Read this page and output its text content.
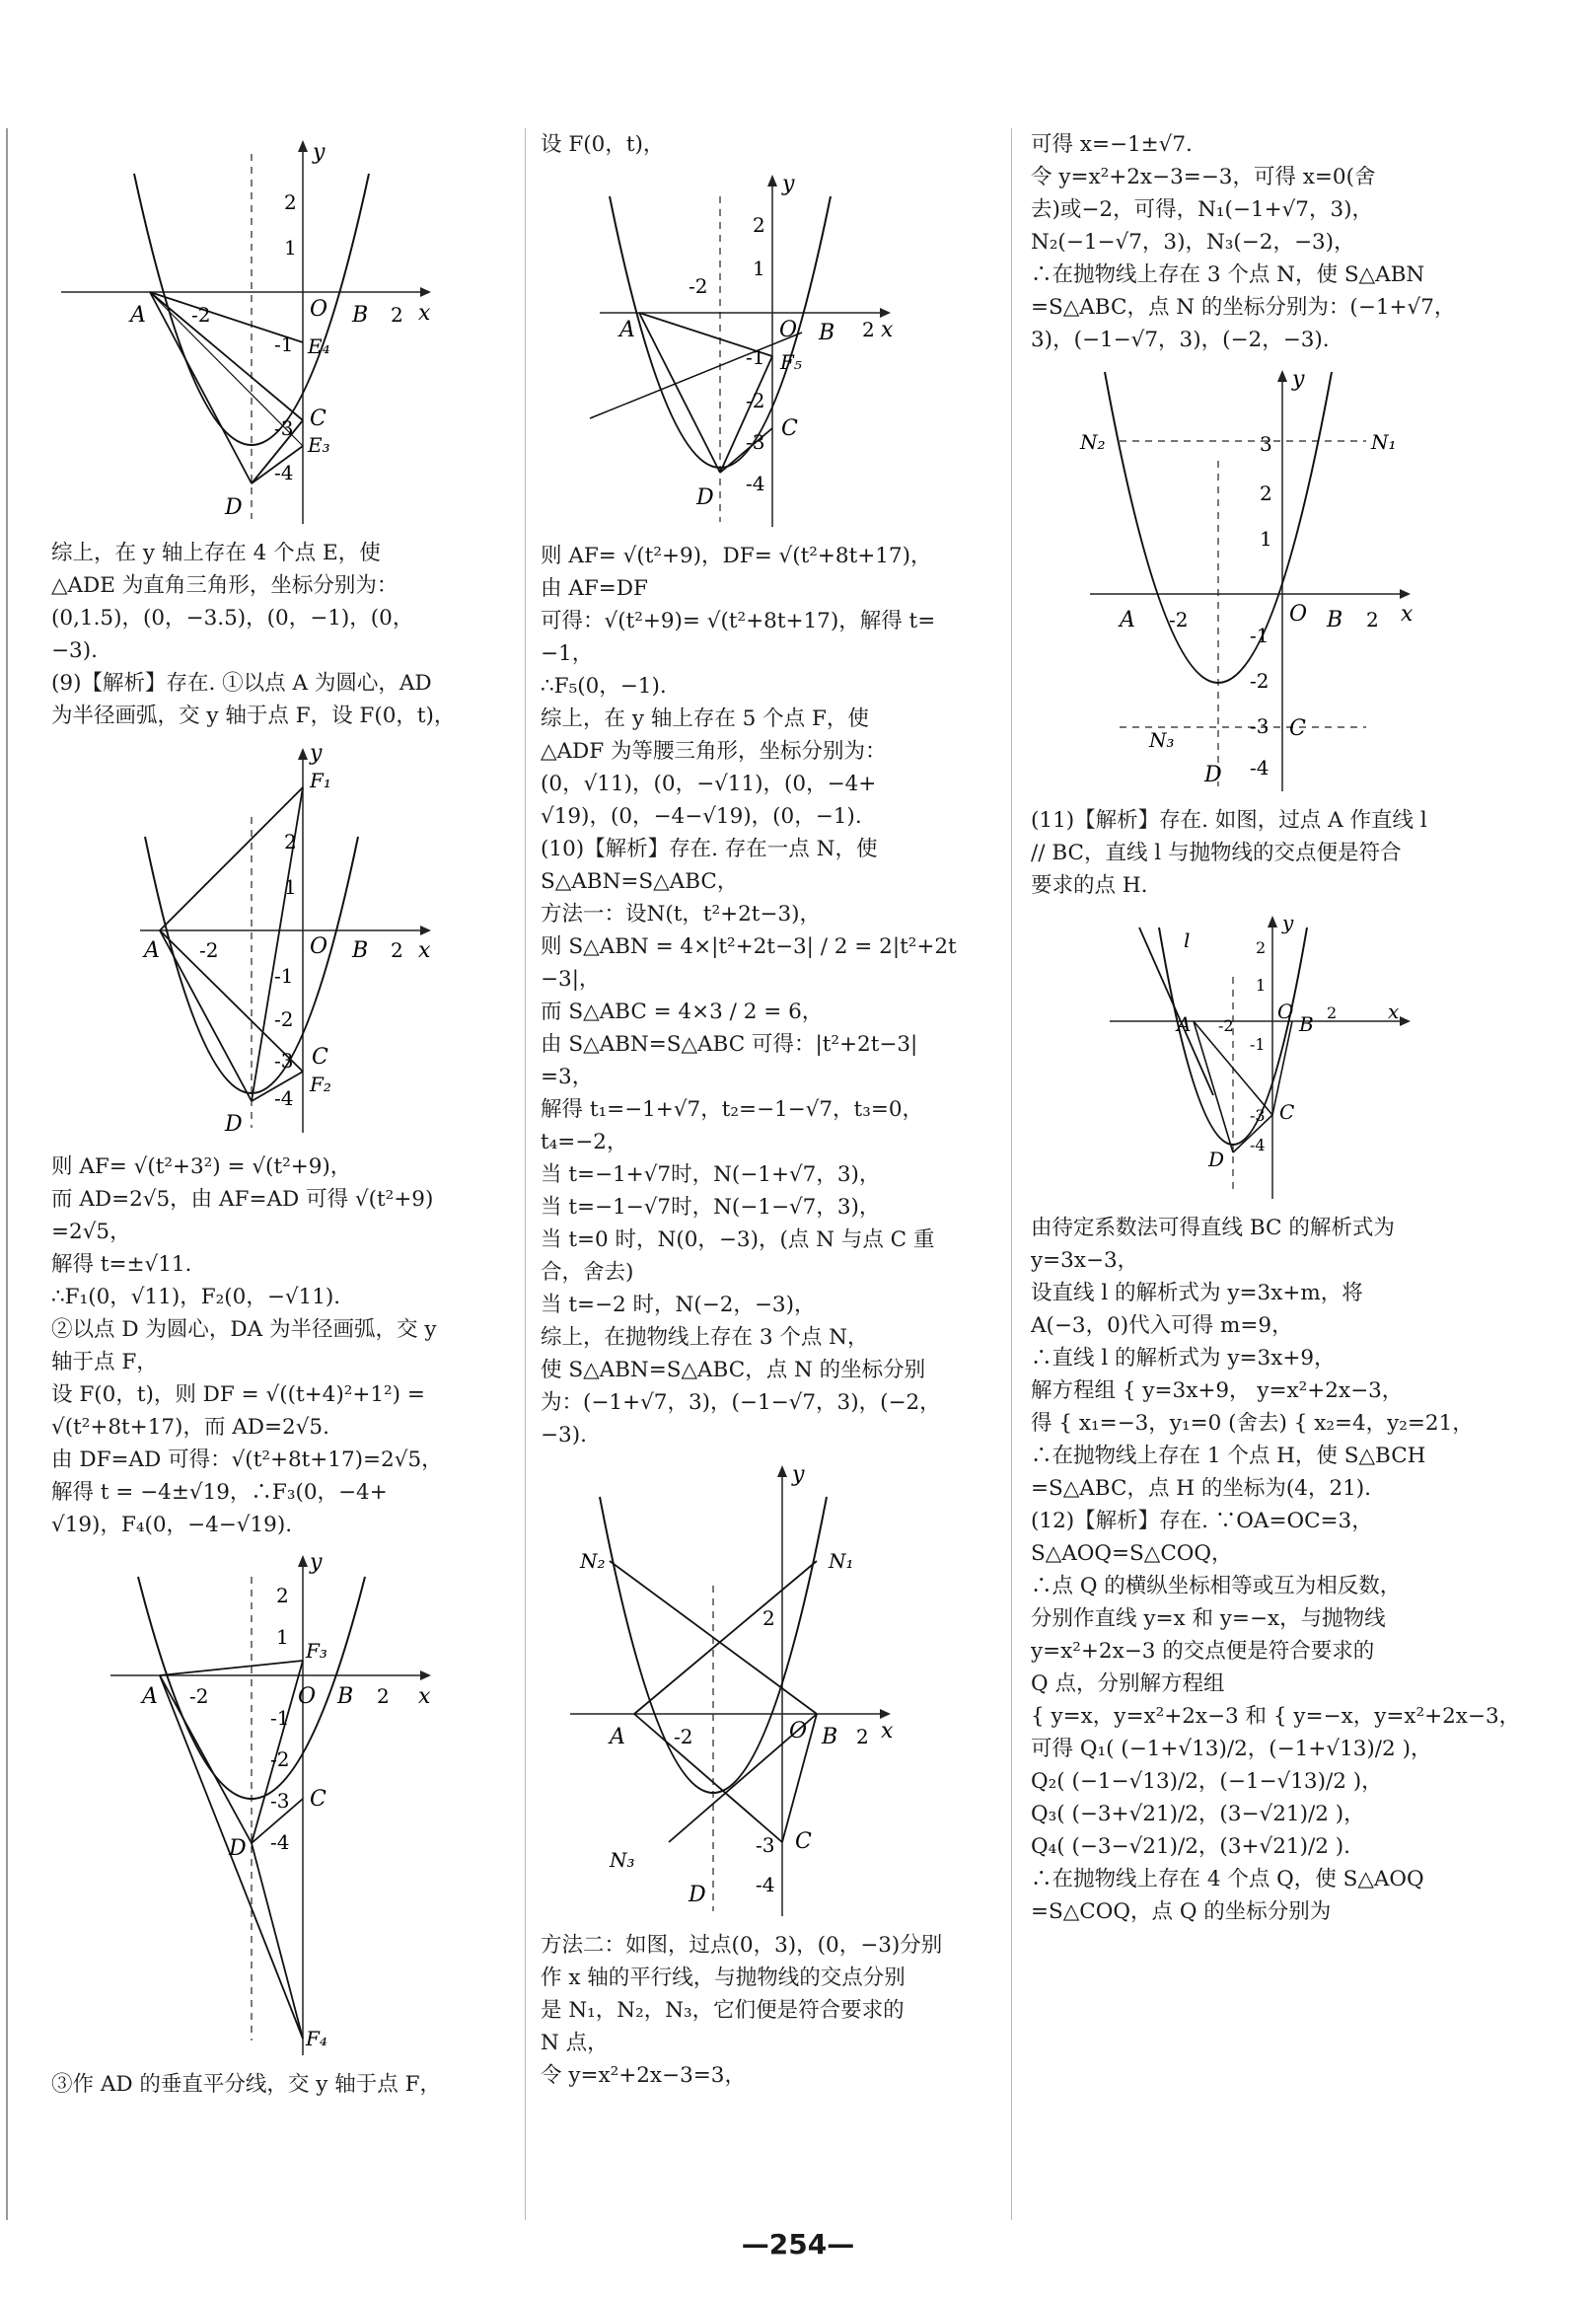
y
x
O
A	B
C
D
E₄
E₃
-2	2
1
2
-1
-3
-4
综上，在 y 轴上存在 4 个点 E，使
△ADE 为直角三角形，坐标分别为：
(0,1.5)，(0，−3.5)，(0，−1)，(0，
−3).
(9)【解析】存在. ①以点 A 为圆心，AD
为半径画弧，交 y 轴于点 F，设 F(0，t)，
y
x
O
A	B
C
D
F₁
F₂
-2	2
1
2
-1
-2
-3
-4
则 AF= √(t²+3²) = √(t²+9)，
而 AD=2√5，由 AF=AD 可得 √(t²+9)
=2√5，
解得 t=±√11.
∴F₁(0，√11)，F₂(0，−√11).
②以点 D 为圆心，DA 为半径画弧，交 y
轴于点 F，
设 F(0，t)，则 DF = √((t+4)²+1²) =
√(t²+8t+17)，而 AD=2√5.
由 DF=AD 可得：√(t²+8t+17)=2√5，
解得 t = −4±√19，∴F₃(0，−4+
√19)，F₄(0，−4−√19).
y
x
O
A	B
C
D
F₃
F₄
-2	2
1
2
-1
-2
-3
-4
③作 AD 的垂直平分线，交 y 轴于点 F，
设 F(0，t)，
y
x
O
A	B
C
D
F₅
-2
2
1
2
-1
-2
-3
-4
则 AF= √(t²+9)，DF= √(t²+8t+17)，
由 AF=DF
可得：√(t²+9)= √(t²+8t+17)，解得 t=
−1，
∴F₅(0，−1).
综上，在 y 轴上存在 5 个点 F，使
△ADF 为等腰三角形，坐标分别为：
(0，√11)，(0，−√11)，(0，−4+
√19)，(0，−4−√19)，(0，−1).
(10)【解析】存在. 存在一点 N，使
S△ABN=S△ABC，
方法一：设N(t，t²+2t−3)，
则 S△ABN = 4×|t²+2t−3| / 2 = 2|t²+2t
−3|，
而 S△ABC = 4×3 / 2 = 6，
由 S△ABN=S△ABC 可得：|t²+2t−3|
=3，
解得 t₁=−1+√7，t₂=−1−√7，t₃=0，
t₄=−2，
当 t=−1+√7时，N(−1+√7，3)，
当 t=−1−√7时，N(−1−√7，3)，
当 t=0 时，N(0，−3)，(点 N 与点 C 重
合，舍去)
当 t=−2 时，N(−2，−3)，
综上，在抛物线上存在 3 个点 N，
使 S△ABN=S△ABC，点 N 的坐标分别
为：(−1+√7，3)，(−1−√7，3)，(−2，
−3).
y
x
O
A	B
C
D
N₁
N₂
N₃
-2	2
2
-3
-4
方法二：如图，过点(0，3)，(0，−3)分别
作 x 轴的平行线，与抛物线的交点分别
是 N₁，N₂，N₃，它们便是符合要求的
N 点，
令 y=x²+2x−3=3，
可得 x=−1±√7.
令 y=x²+2x−3=−3，可得 x=0(舍
去)或−2，可得，N₁(−1+√7，3)，
N₂(−1−√7，3)，N₃(−2，−3)，
∴在抛物线上存在 3 个点 N，使 S△ABN
=S△ABC，点 N 的坐标分别为：(−1+√7，
3)，(−1−√7，3)，(−2，−3).
y
x
O
A	B
C
D
N₁
N₂
N₃
-2	2
1
2
3
-1
-2
-3
-4
(11)【解析】存在. 如图，过点 A 作直线 l
// BC，直线 l 与抛物线的交点便是符合
要求的点 H.
y
x
O
A	B
C
D
l
-2
2
1
2
-1
-3
-4
由待定系数法可得直线 BC 的解析式为
y=3x−3，
设直线 l 的解析式为 y=3x+m，将
A(−3，0)代入可得 m=9，
∴直线 l 的解析式为 y=3x+9，
解方程组 { y=3x+9， y=x²+2x−3，
得 { x₁=−3，y₁=0 (舍去) { x₂=4，y₂=21，
∴在抛物线上存在 1 个点 H，使 S△BCH
=S△ABC，点 H 的坐标为(4，21).
(12)【解析】存在. ∵OA=OC=3，
S△AOQ=S△COQ，
∴点 Q 的横纵坐标相等或互为相反数，
分别作直线 y=x 和 y=−x，与抛物线
y=x²+2x−3 的交点便是符合要求的
Q 点，分别解方程组
{ y=x，y=x²+2x−3 和 { y=−x，y=x²+2x−3，
可得 Q₁( (−1+√13)/2，(−1+√13)/2 )，
Q₂( (−1−√13)/2，(−1−√13)/2 )，
Q₃( (−3+√21)/2，(3−√21)/2 )，
Q₄( (−3−√21)/2，(3+√21)/2 ).
∴在抛物线上存在 4 个点 Q，使 S△AOQ
=S△COQ，点 Q 的坐标分别为
—254—
